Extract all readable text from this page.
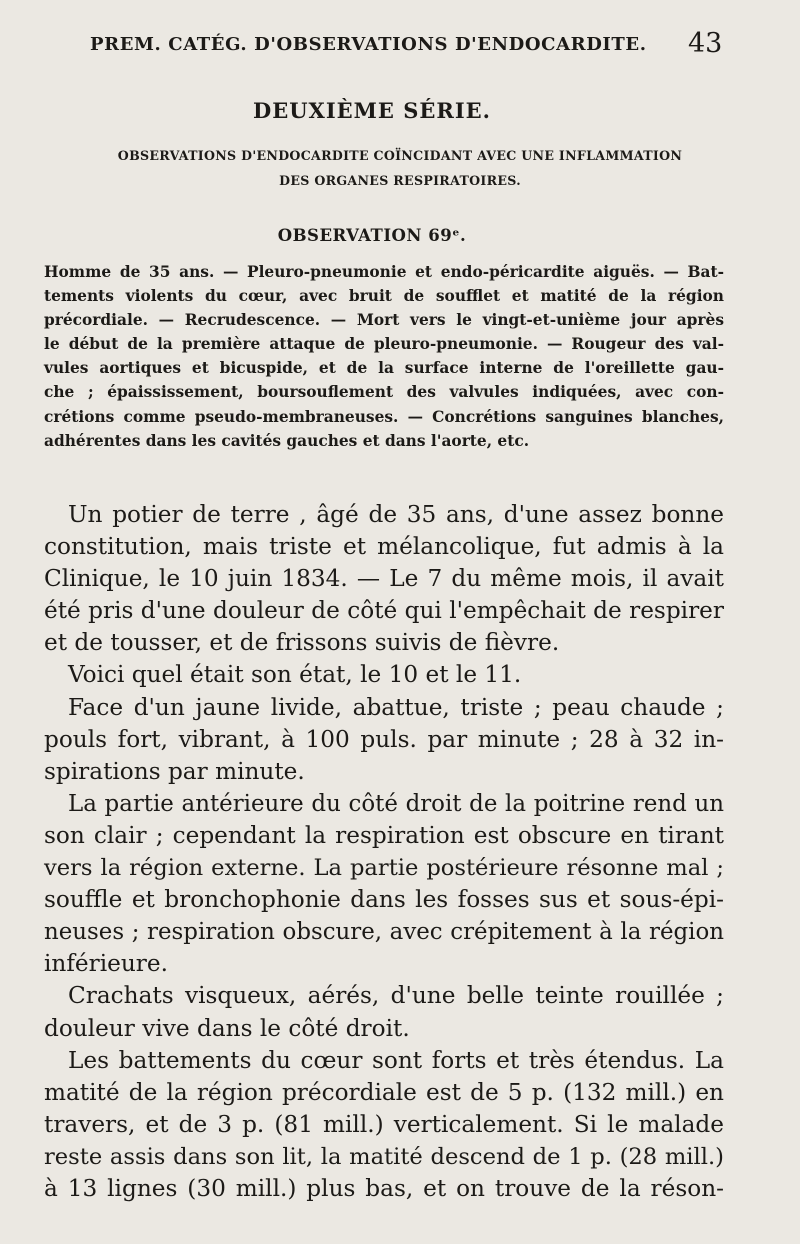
PREM. CATÉG. D'OBSERVATIONS D'ENDOCARDITE.	43
DEUXIÈME SÉRIE.
OBSERVATIONS D'ENDOCARDITE COÏNCIDANT AVEC UNE INFLAMMATION
DES ORGANES RESPIRATOIRES.
OBSERVATION 69ᵉ.
Homme de 35 ans. — Pleuro-pneumonie et endo-péricardite aiguës. — Bat-
tements violents du cœur, avec bruit de soufflet et matité de la région
précordiale. — Recrudescence. — Mort vers le vingt-et-unième jour après
le début de la première attaque de pleuro-pneumonie. — Rougeur des val-
vules aortiques et bicuspide, et de la surface interne de l'oreillette gau-
che ; épaississement, boursouflement des valvules indiquées, avec con-
crétions comme pseudo-membraneuses. — Concrétions sanguines blanches,
adhérentes dans les cavités gauches et dans l'aorte, etc.
Un potier de terre , âgé de 35 ans, d'une assez bonne
constitution, mais triste et mélancolique, fut admis à la
Clinique, le 10 juin 1834. — Le 7 du même mois, il avait
été pris d'une douleur de côté qui l'empêchait de respirer
et de tousser, et de frissons suivis de fièvre.
Voici quel était son état, le 10 et le 11.
Face d'un jaune livide, abattue, triste ; peau chaude ;
pouls fort, vibrant, à 100 puls. par minute ; 28 à 32 in-
spirations par minute.
La partie antérieure du côté droit de la poitrine rend un
son clair ; cependant la respiration est obscure en tirant
vers la région externe. La partie postérieure résonne mal ;
souffle et bronchophonie dans les fosses sus et sous-épi-
neuses ; respiration obscure, avec crépitement à la région
inférieure.
Crachats visqueux, aérés, d'une belle teinte rouillée ;
douleur vive dans le côté droit.
Les battements du cœur sont forts et très étendus. La
matité de la région précordiale est de 5 p. (132 mill.) en
travers, et de 3 p. (81 mill.) verticalement. Si le malade
reste assis dans son lit, la matité descend de 1 p. (28 mill.)
à 13 lignes (30 mill.) plus bas, et on trouve de la réson-
